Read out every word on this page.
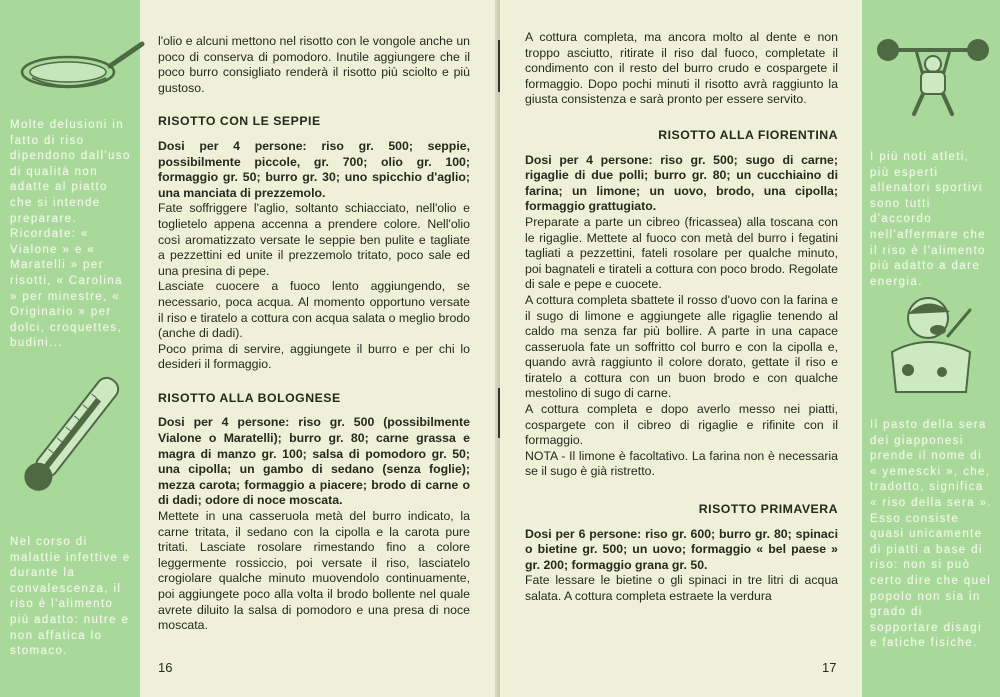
Molte delusioni in fatto di riso dipendono dall'uso di qualità non adatte al piatto che si intende preparare. Ricordate: « Vialone » e « Maratelli » per risotti, « Carolina » per minestre, « Originario » per dolci, croquettes, budini...
Nel corso di malattie infettive e durante la convalescenza, il riso è l'alimento più adatto: nutre e non affatica lo stomaco.

l'olio e alcuni mettono nel risotto con le vongole anche un poco di conserva di pomodoro. Inutile aggiungere che il poco burro consigliato renderà il risotto più sciolto e più gustoso.

RISOTTO CON LE SEPPIE

Dosi per 4 persone: riso gr. 500; seppie, possibilmente piccole, gr. 700; olio gr. 100; formaggio gr. 50; burro gr. 30; uno spicchio d'aglio; una manciata di prezzemolo.

Fate soffriggere l'aglio, soltanto schiacciato, nell'olio e toglietelo appena accenna a prendere colore. Nell'olio così aromatizzato versate le seppie ben pulite e tagliate a pezzettini ed unite il prezzemolo tritato, poco sale ed una presina di pepe.

Lasciate cuocere a fuoco lento aggiungendo, se necessario, poca acqua. Al momento opportuno versate il riso e tiratelo a cottura con acqua salata o meglio brodo (anche di dadi).

Poco prima di servire, aggiungete il burro e per chi lo desideri il formaggio.

RISOTTO ALLA BOLOGNESE

Dosi per 4 persone: riso gr. 500 (possibilmente Vialone o Maratelli); burro gr. 80; carne grassa e magra di manzo gr. 100; salsa di pomodoro gr. 50; una cipolla; un gambo di sedano (senza foglie); mezza carota; formaggio a piacere; brodo di carne o di dadi; odore di noce moscata.

Mettete in una casseruola metà del burro indicato, la carne tritata, il sedano con la cipolla e la carota pure tritati. Lasciate rosolare rimestando fino a colore leggermente rossiccio, poi versate il riso, lasciatelo crogiolare qualche minuto muovendolo continuamente, poi aggiungete poco alla volta il brodo bollente nel quale avrete diluito la salsa di pomodoro e una presa di noce moscata.

16

A cottura completa, ma ancora molto al dente e non troppo asciutto, ritirate il riso dal fuoco, completate il condimento con il resto del burro crudo e cospargete il formaggio. Dopo pochi minuti il risotto avrà raggiunto la giusta consistenza e sarà pronto per essere servito.

RISOTTO ALLA FIORENTINA

Dosi per 4 persone: riso gr. 500; sugo di carne; rigaglie di due polli; burro gr. 80; un cucchiaino di farina; un limone; un uovo, brodo, una cipolla; formaggio grattugiato.

Preparate a parte un cibreo (fricassea) alla toscana con le rigaglie. Mettete al fuoco con metà del burro i fegatini tagliati a pezzettini, fateli rosolare per qualche minuto, poi bagnateli e tirateli a cottura con poco brodo. Regolate di sale e pepe e cuocete.

A cottura completa sbattete il rosso d'uovo con la farina e il sugo di limone e aggiungete alle rigaglie tenendo al caldo ma senza far più bollire. A parte in una capace casseruola fate un soffritto col burro e con la cipolla e, quando avrà raggiunto il colore dorato, gettate il riso e tiratelo a cottura con un buon brodo e con qualche mestolino di sugo di carne.

A cottura completa e dopo averlo messo nei piatti, cospargete con il cibreo di rigaglie e rifinite con il formaggio.

NOTA - Il limone è facoltativo. La farina non è necessaria se il sugo è già ristretto.

RISOTTO PRIMAVERA

Dosi per 6 persone: riso gr. 600; burro gr. 80; spinaci o bietine gr. 500; un uovo; formaggio « bel paese » gr. 200; formaggio grana gr. 50.

Fate lessare le bietine o gli spinaci in tre litri di acqua salata. A cottura completa estraete la verdura

17
I più noti atleti, più esperti allenatori sportivi sono tutti d'accordo nell'affermare che il riso è l'alimento più adatto a dare energia.
Il pasto della sera dei giapponesi prende il nome di « yemescki », che, tradotto, significa « riso della sera ». Esso consiste quasi unicamente di piatti a base di riso: non si può certo dire che quel popolo non sia in grado di sopportare disagi e fatiche fisiche.
